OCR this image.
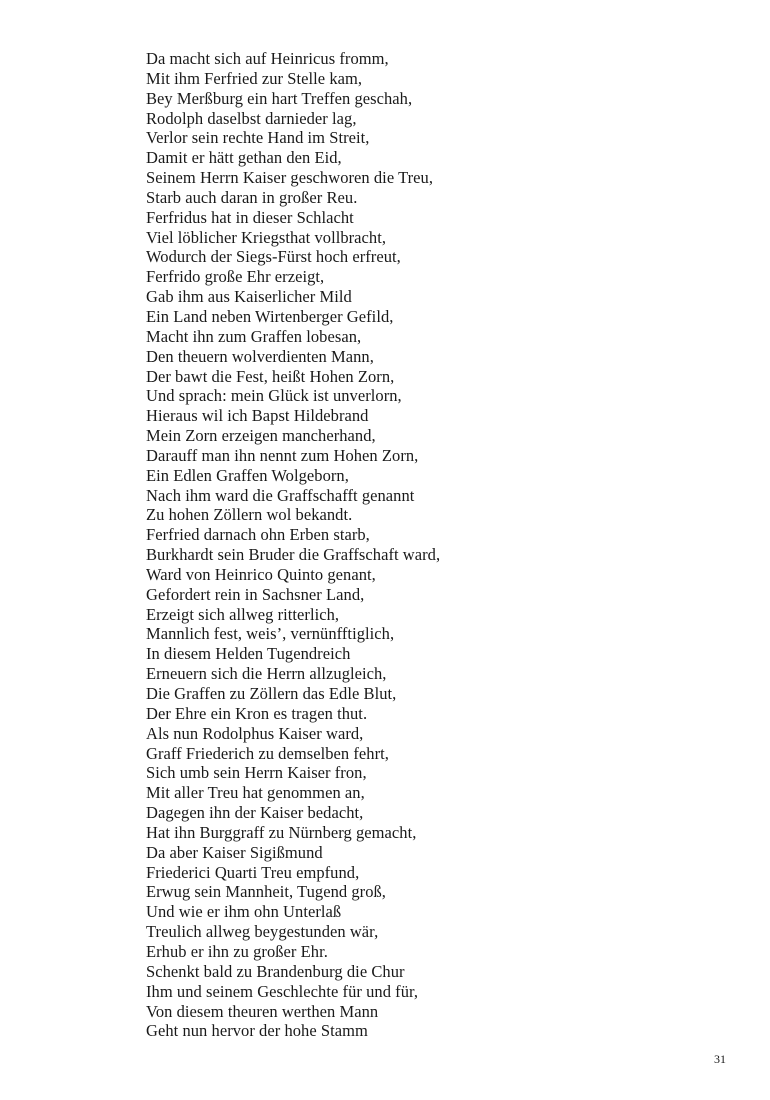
Da macht sich auf Heinricus fromm,
Mit ihm Ferfried zur Stelle kam,
Bey Merßburg ein hart Treffen geschah,
Rodolph daselbst darnieder lag,
Verlor sein rechte Hand im Streit,
Damit er hätt gethan den Eid,
Seinem Herrn Kaiser geschworen die Treu,
Starb auch daran in großer Reu.
Ferfridus hat in dieser Schlacht
Viel löblicher Kriegsthat vollbracht,
Wodurch der Siegs-Fürst hoch erfreut,
Ferfrido große Ehr erzeigt,
Gab ihm aus Kaiserlicher Mild
Ein Land neben Wirtenberger Gefild,
Macht ihn zum Graffen lobesan,
Den theuern wolverdienten Mann,
Der bawt die Fest, heißt Hohen Zorn,
Und sprach: mein Glück ist unverlorn,
Hieraus wil ich Bapst Hildebrand
Mein Zorn erzeigen mancherhand,
Darauff man ihn nennt zum Hohen Zorn,
Ein Edlen Graffen Wolgeborn,
Nach ihm ward die Graffschafft genannt
Zu hohen Zöllern wol bekandt.
Ferfried darnach ohn Erben starb,
Burkhardt sein Bruder die Graffschaft ward,
Ward von Heinrico Quinto genant,
Gefordert rein in Sachsner Land,
Erzeigt sich allweg ritterlich,
Mannlich fest, weis’, vernünfftiglich,
In diesem Helden Tugendreich
Erneuern sich die Herrn allzugleich,
Die Graffen zu Zöllern das Edle Blut,
Der Ehre ein Kron es tragen thut.
Als nun Rodolphus Kaiser ward,
Graff Friederich zu demselben fehrt,
Sich umb sein Herrn Kaiser fron,
Mit aller Treu hat genommen an,
Dagegen ihn der Kaiser bedacht,
Hat ihn Burggraff zu Nürnberg gemacht,
Da aber Kaiser Sigißmund
Friederici Quarti Treu empfund,
Erwug sein Mannheit, Tugend groß,
Und wie er ihm ohn Unterlaß
Treulich allweg beygestunden wär,
Erhub er ihn zu großer Ehr.
Schenkt bald zu Brandenburg die Chur
Ihm und seinem Geschlechte für und für,
Von diesem theuren werthen Mann
Geht nun hervor der hohe Stamm
31
